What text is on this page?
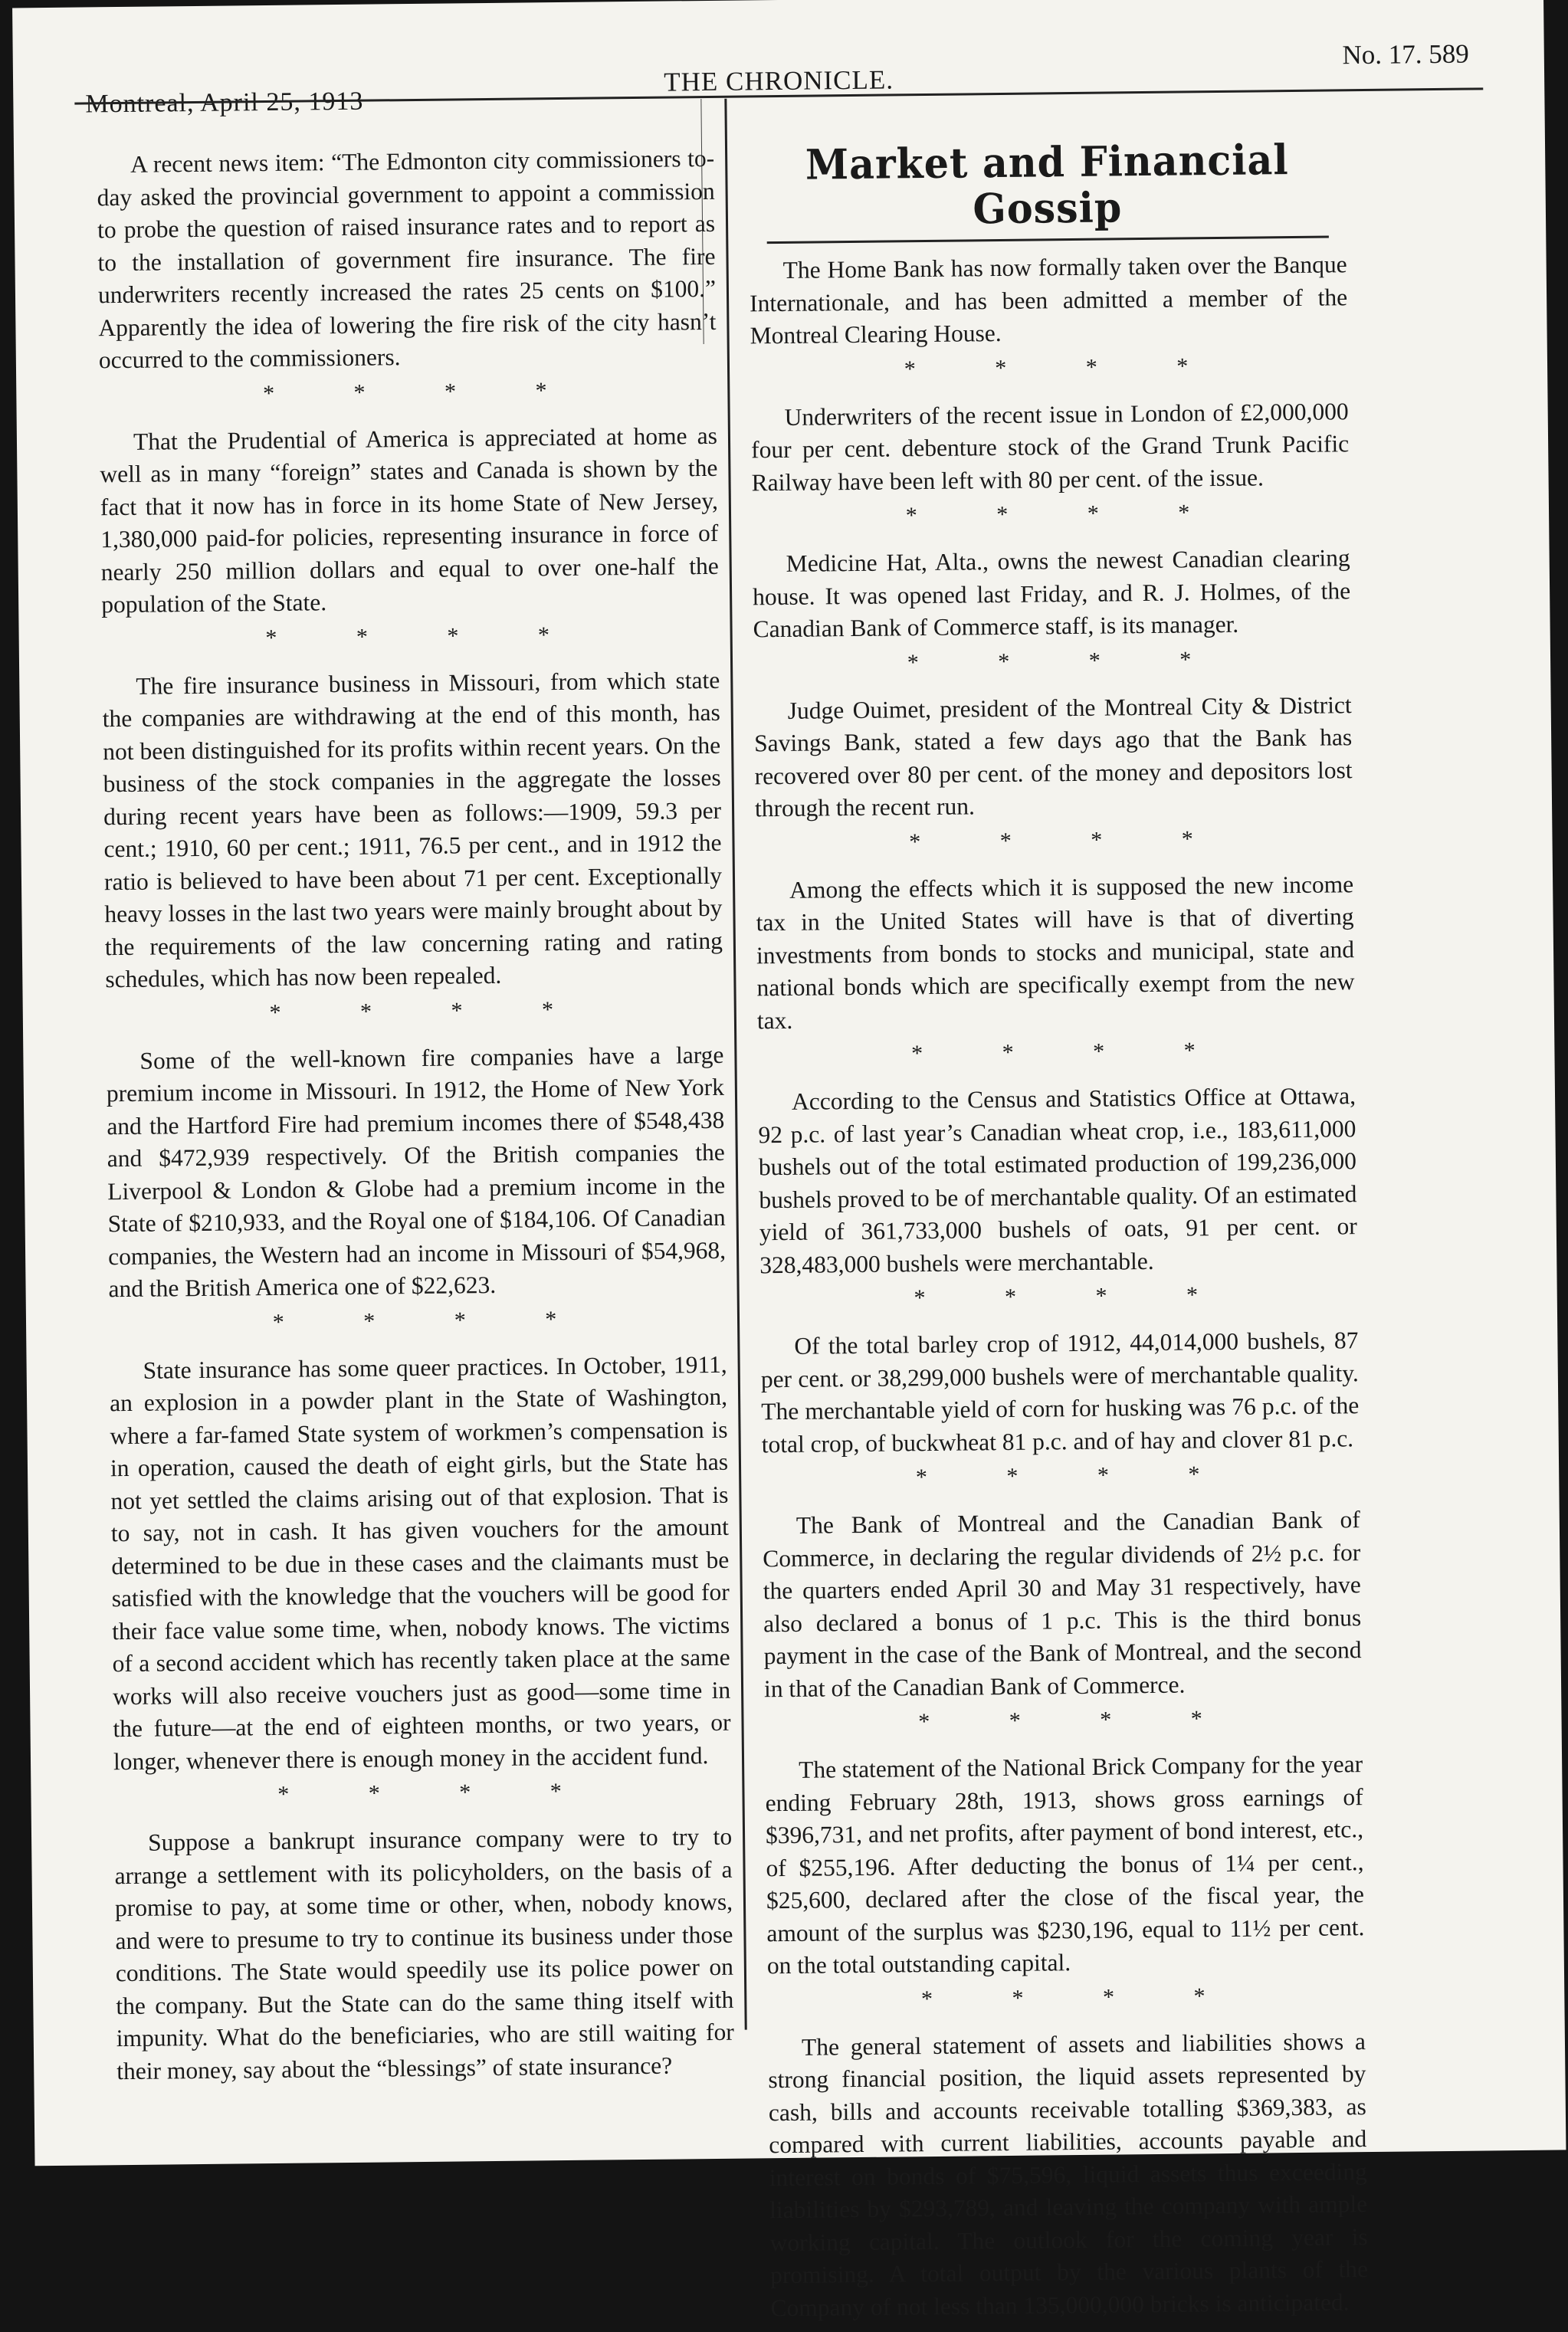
Montreal, April 25, 1913
THE CHRONICLE.
No. 17. 589

A recent news item: “The Edmonton city commissioners to-day asked the provincial government to appoint a commission to probe the question of raised insurance rates and to report as to the installation of government fire insurance. The fire underwriters recently increased the rates 25 cents on $100.” Apparently the idea of lowering the fire risk of the city hasn’t occurred to the commissioners.

* * * *

That the Prudential of America is appreciated at home as well as in many “foreign” states and Canada is shown by the fact that it now has in force in its home State of New Jersey, 1,380,000 paid-for policies, representing insurance in force of nearly 250 million dollars and equal to over one-half the population of the State.

* * * *

The fire insurance business in Missouri, from which state the companies are withdrawing at the end of this month, has not been distinguished for its profits within recent years. On the business of the stock companies in the aggregate the losses during recent years have been as follows:—1909, 59.3 per cent.; 1910, 60 per cent.; 1911, 76.5 per cent., and in 1912 the ratio is believed to have been about 71 per cent. Exceptionally heavy losses in the last two years were mainly brought about by the requirements of the law concerning rating and rating schedules, which has now been repealed.

* * * *

Some of the well-known fire companies have a large premium income in Missouri. In 1912, the Home of New York and the Hartford Fire had premium incomes there of $548,438 and $472,939 respectively. Of the British companies the Liverpool & London & Globe had a premium income in the State of $210,933, and the Royal one of $184,106. Of Canadian companies, the Western had an income in Missouri of $54,968, and the British America one of $22,623.

* * * *

State insurance has some queer practices. In October, 1911, an explosion in a powder plant in the State of Washington, where a far-famed State system of workmen’s compensation is in operation, caused the death of eight girls, but the State has not yet settled the claims arising out of that explosion. That is to say, not in cash. It has given vouchers for the amount determined to be due in these cases and the claimants must be satisfied with the knowledge that the vouchers will be good for their face value some time, when, nobody knows. The victims of a second accident which has recently taken place at the same works will also receive vouchers just as good—some time in the future—at the end of eighteen months, or two years, or longer, whenever there is enough money in the accident fund.

* * * *

Suppose a bankrupt insurance company were to try to arrange a settlement with its policyholders, on the basis of a promise to pay, at some time or other, when, nobody knows, and were to presume to try to continue its business under those conditions. The State would speedily use its police power on the company. But the State can do the same thing itself with impunity. What do the beneficiaries, who are still waiting for their money, say about the “blessings” of state insurance?

Market and Financial Gossip

The Home Bank has now formally taken over the Banque Internationale, and has been admitted a member of the Montreal Clearing House.

* * * *

Underwriters of the recent issue in London of £2,000,000 four per cent. debenture stock of the Grand Trunk Pacific Railway have been left with 80 per cent. of the issue.

* * * *

Medicine Hat, Alta., owns the newest Canadian clearing house. It was opened last Friday, and R. J. Holmes, of the Canadian Bank of Commerce staff, is its manager.

* * * *

Judge Ouimet, president of the Montreal City & District Savings Bank, stated a few days ago that the Bank has recovered over 80 per cent. of the money and depositors lost through the recent run.

* * * *

Among the effects which it is supposed the new income tax in the United States will have is that of diverting investments from bonds to stocks and municipal, state and national bonds which are specifically exempt from the new tax.

* * * *

According to the Census and Statistics Office at Ottawa, 92 p.c. of last year’s Canadian wheat crop, i.e., 183,611,000 bushels out of the total estimated production of 199,236,000 bushels proved to be of merchantable quality. Of an estimated yield of 361,733,000 bushels of oats, 91 per cent. or 328,483,000 bushels were merchantable.

* * * *

Of the total barley crop of 1912, 44,014,000 bushels, 87 per cent. or 38,299,000 bushels were of merchantable quality. The merchantable yield of corn for husking was 76 p.c. of the total crop, of buckwheat 81 p.c. and of hay and clover 81 p.c.

* * * *

The Bank of Montreal and the Canadian Bank of Commerce, in declaring the regular dividends of 2½ p.c. for the quarters ended April 30 and May 31 respectively, have also declared a bonus of 1 p.c. This is the third bonus payment in the case of the Bank of Montreal, and the second in that of the Canadian Bank of Commerce.

* * * *

The statement of the National Brick Company for the year ending February 28th, 1913, shows gross earnings of $396,731, and net profits, after payment of bond interest, etc., of $255,196. After deducting the bonus of 1¼ per cent., $25,600, declared after the close of the fiscal year, the amount of the surplus was $230,196, equal to 11½ per cent. on the total outstanding capital.

* * * *

The general statement of assets and liabilities shows a strong financial position, the liquid assets represented by cash, bills and accounts receivable totalling $369,383, as compared with current liabilities, accounts payable and interest on bonds of $75,596, liquid assets thus exceeding liabilities by $293,789, and leaving the company with ample working capital. The outlook for the coming year is promising. A total output by the various plants of the Company of not less than 135,000,000 bricks is anticipated.
